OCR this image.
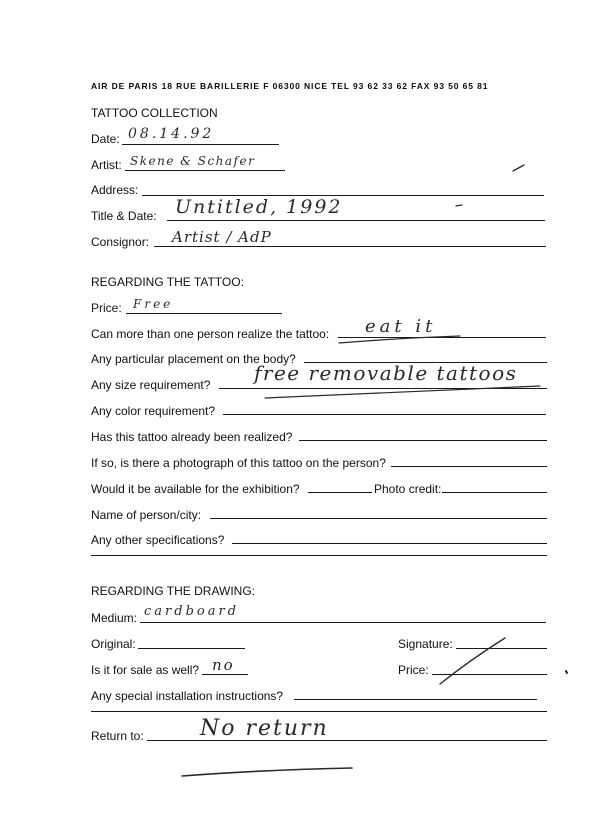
AIR DE PARIS 18 RUE BARILLERIE F 06300 NICE TEL 93 62 33 62 FAX 93 50 65 81
TATTOO COLLECTION
Date: 08.14.92
Artist: Skene & Schafer
Address:
Title & Date: Untitled, 1992
Consignor: Artist / AdP
REGARDING THE TATTOO:
Price: Free
Can more than one person realize the tattoo: eat it
Any particular placement on the body?
Any size requirement? free removable tattoos
Any color requirement?
Has this tattoo already been realized?
If so, is there a photograph of this tattoo on the person?
Would it be available for the exhibition?	Photo credit:
Name of person/city:
Any other specifications?
REGARDING THE DRAWING:
Medium: cardboard
Original:	Signature:
Is it for sale as well? no	Price:
Any special installation instructions?
Return to:	No return
